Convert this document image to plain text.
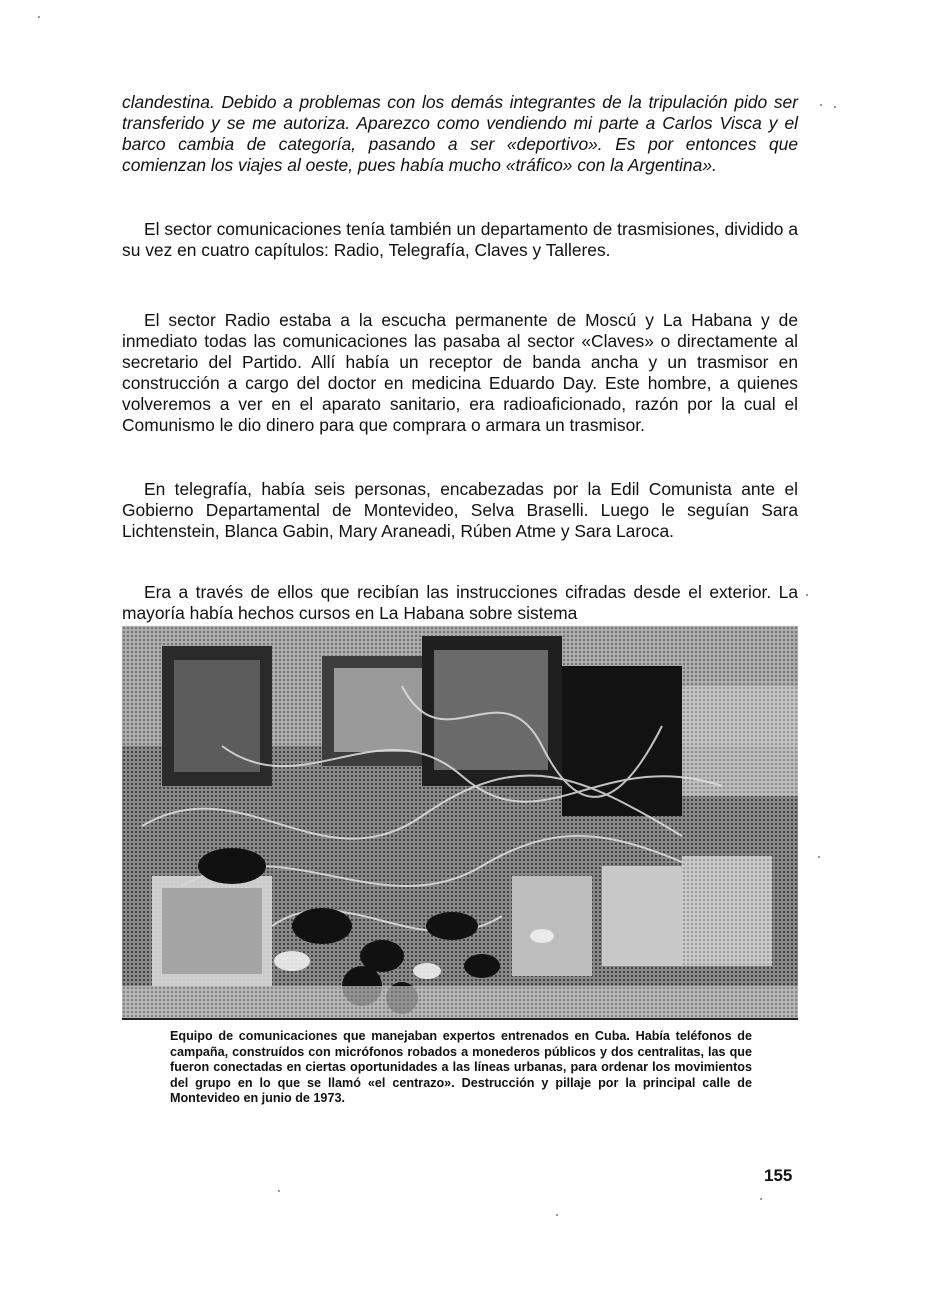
clandestina. Debido a problemas con los demás integrantes de la tripulación pido ser transferido y se me autoriza. Aparezco como vendiendo mi parte a Carlos Visca y el barco cambia de categoría, pasando a ser «deportivo». Es por entonces que comienzan los viajes al oeste, pues había mucho «tráfico» con la Argentina».

El sector comunicaciones tenía también un departamento de trasmisiones, dividido a su vez en cuatro capítulos: Radio, Telegrafía, Claves y Talleres.

El sector Radio estaba a la escucha permanente de Moscú y La Habana y de inmediato todas las comunicaciones las pasaba al sector «Claves» o directamente al secretario del Partido. Allí había un receptor de banda ancha y un trasmisor en construcción a cargo del doctor en medicina Eduardo Day. Este hombre, a quienes volveremos a ver en el aparato sanitario, era radioaficionado, razón por la cual el Comunismo le dio dinero para que comprara o armara un trasmisor.

En telegrafía, había seis personas, encabezadas por la Edil Comunista ante el Gobierno Departamental de Montevideo, Selva Braselli. Luego le seguían Sara Lichtenstein, Blanca Gabin, Mary Araneadi, Rúben Atme y Sara Laroca.

Era a través de ellos que recibían las instrucciones cifradas desde el exterior. La mayoría había hechos cursos en La Habana sobre sistema

Equipo de comunicaciones que manejaban expertos entrenados en Cuba. Había teléfonos de campaña, construídos con micrófonos robados a monederos públicos y dos centralitas, las que fueron conectadas en ciertas oportunidades a las líneas urbanas, para ordenar los movimientos del grupo en lo que se llamó «el centrazo». Destrucción y pillaje por la principal calle de Montevideo en junio de 1973.

155
